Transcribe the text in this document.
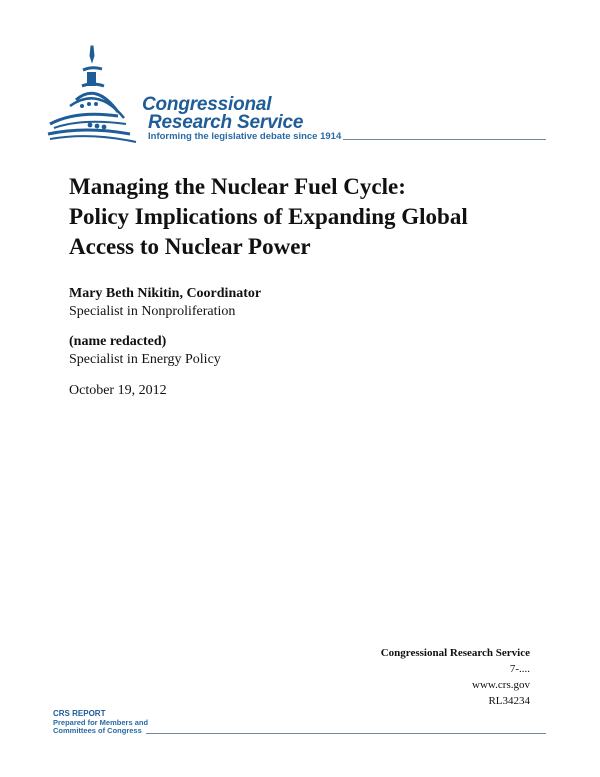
Congressional
Research Service
Informing the legislative debate since 1914
Managing the Nuclear Fuel Cycle:
Policy Implications of Expanding Global
Access to Nuclear Power
Mary Beth Nikitin, Coordinator
Specialist in Nonproliferation
(name redacted)
Specialist in Energy Policy
October 19, 2012
Congressional Research Service
7-....
www.crs.gov
RL34234
CRS REPORT
Prepared for Members and
Committees of Congress
